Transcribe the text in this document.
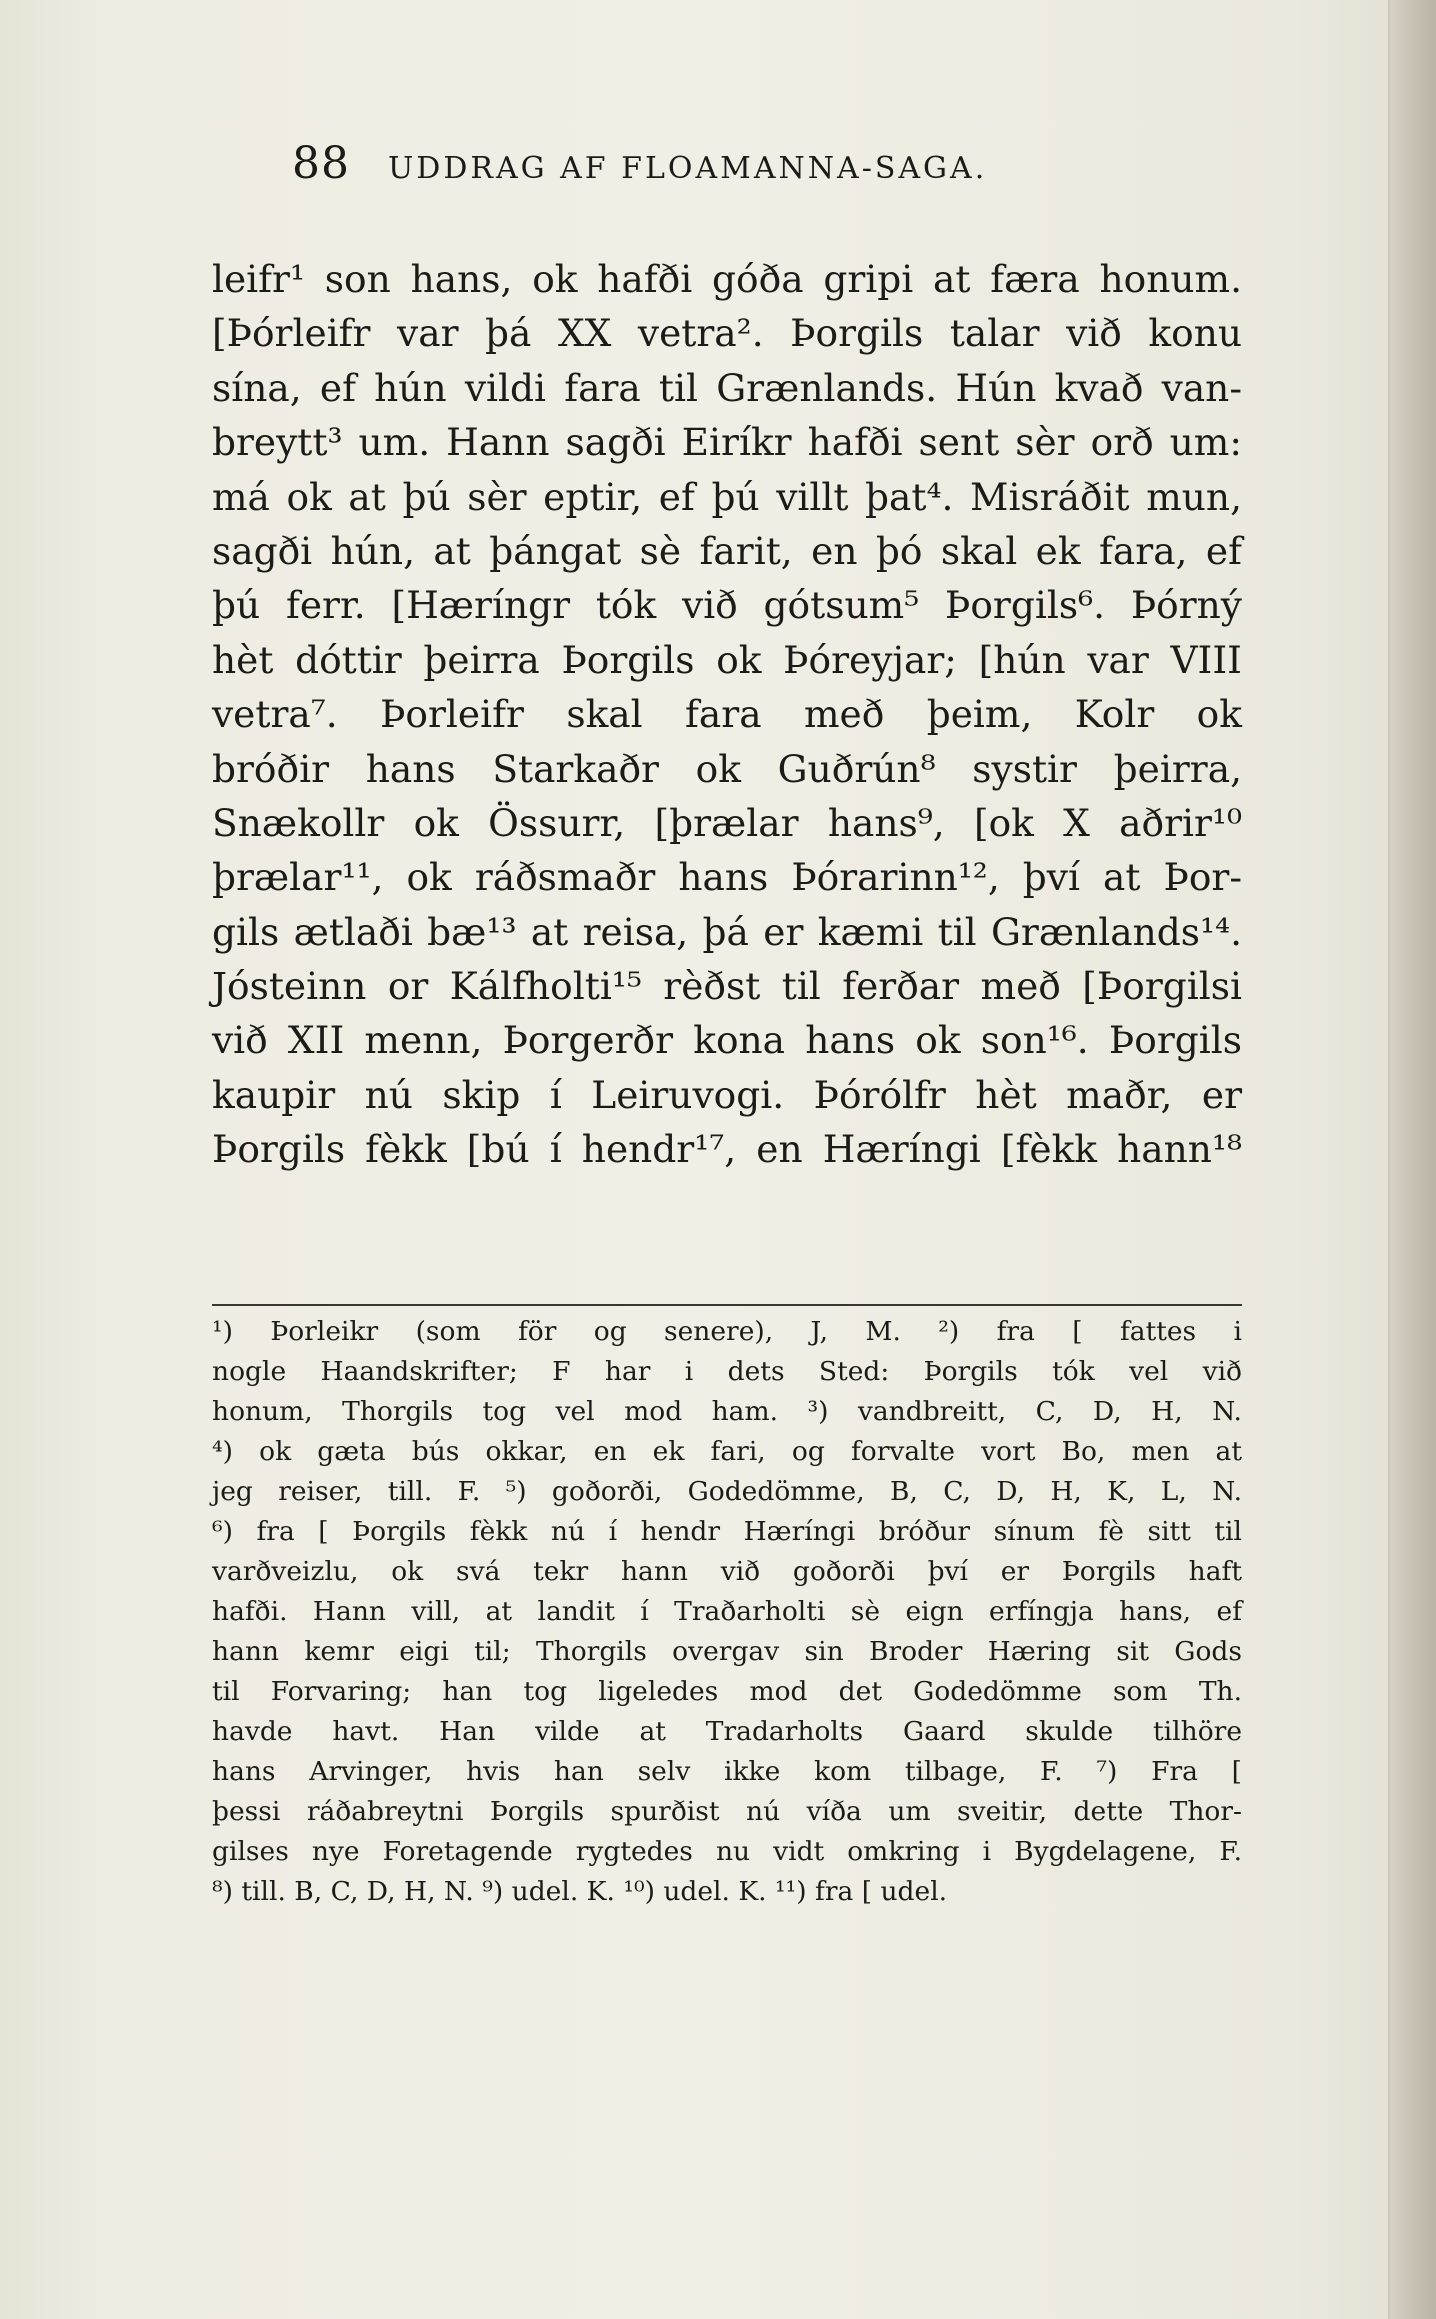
88 UDDRAG AF FLOAMANNA-SAGA.
leifr¹ son hans, ok hafði góða gripi at færa honum.
[Þórleifr var þá XX vetra². Þorgils talar við konu
sína, ef hún vildi fara til Grænlands. Hún kvað van-
breytt³ um. Hann sagði Eiríkr hafði sent sèr orð um:
má ok at þú sèr eptir, ef þú villt þat⁴. Misráðit mun,
sagði hún, at þángat sè farit, en þó skal ek fara, ef
þú ferr. [Hæríngr tók við gótsum⁵ Þorgils⁶. Þórný
hèt dóttir þeirra Þorgils ok Þóreyjar; [hún var VIII
vetra⁷. Þorleifr skal fara með þeim, Kolr ok
bróðir hans Starkaðr ok Guðrún⁸ systir þeirra,
Snækollr ok Össurr, [þrælar hans⁹, [ok X aðrir¹⁰
þrælar¹¹, ok ráðsmaðr hans Þórarinn¹², því at Þor-
gils ætlaði bæ¹³ at reisa, þá er kæmi til Grænlands¹⁴.
Jósteinn or Kálfholti¹⁵ rèðst til ferðar með [Þorgilsi
við XII menn, Þorgerðr kona hans ok son¹⁶. Þorgils
kaupir nú skip í Leiruvogi. Þórólfr hèt maðr, er
Þorgils fèkk [bú í hendr¹⁷, en Hæríngi [fèkk hann¹⁸
¹) Þorleikr (som för og senere), J, M. ²) fra [ fattes i
nogle Haandskrifter; F har i dets Sted: Þorgils tók vel við
honum, Thorgils tog vel mod ham. ³) vandbreitt, C, D, H, N.
⁴) ok gæta bús okkar, en ek fari, og forvalte vort Bo, men at
jeg reiser, till. F. ⁵) goðorði, Godedömme, B, C, D, H, K, L, N.
⁶) fra [ Þorgils fèkk nú í hendr Hæríngi bróður sínum fè sitt til
varðveizlu, ok svá tekr hann við goðorði því er Þorgils haft
hafði. Hann vill, at landit í Traðarholti sè eign erfíngja hans, ef
hann kemr eigi til; Thorgils overgav sin Broder Hæring sit Gods
til Forvaring; han tog ligeledes mod det Godedömme som Th.
havde havt. Han vilde at Tradarholts Gaard skulde tilhöre
hans Arvinger, hvis han selv ikke kom tilbage, F. ⁷) Fra [
þessi ráðabreytni Þorgils spurðist nú víða um sveitir, dette Thor-
gilses nye Foretagende rygtedes nu vidt omkring i Bygdelagene, F.
⁸) till. B, C, D, H, N. ⁹) udel. K. ¹⁰) udel. K. ¹¹) fra [ udel.
